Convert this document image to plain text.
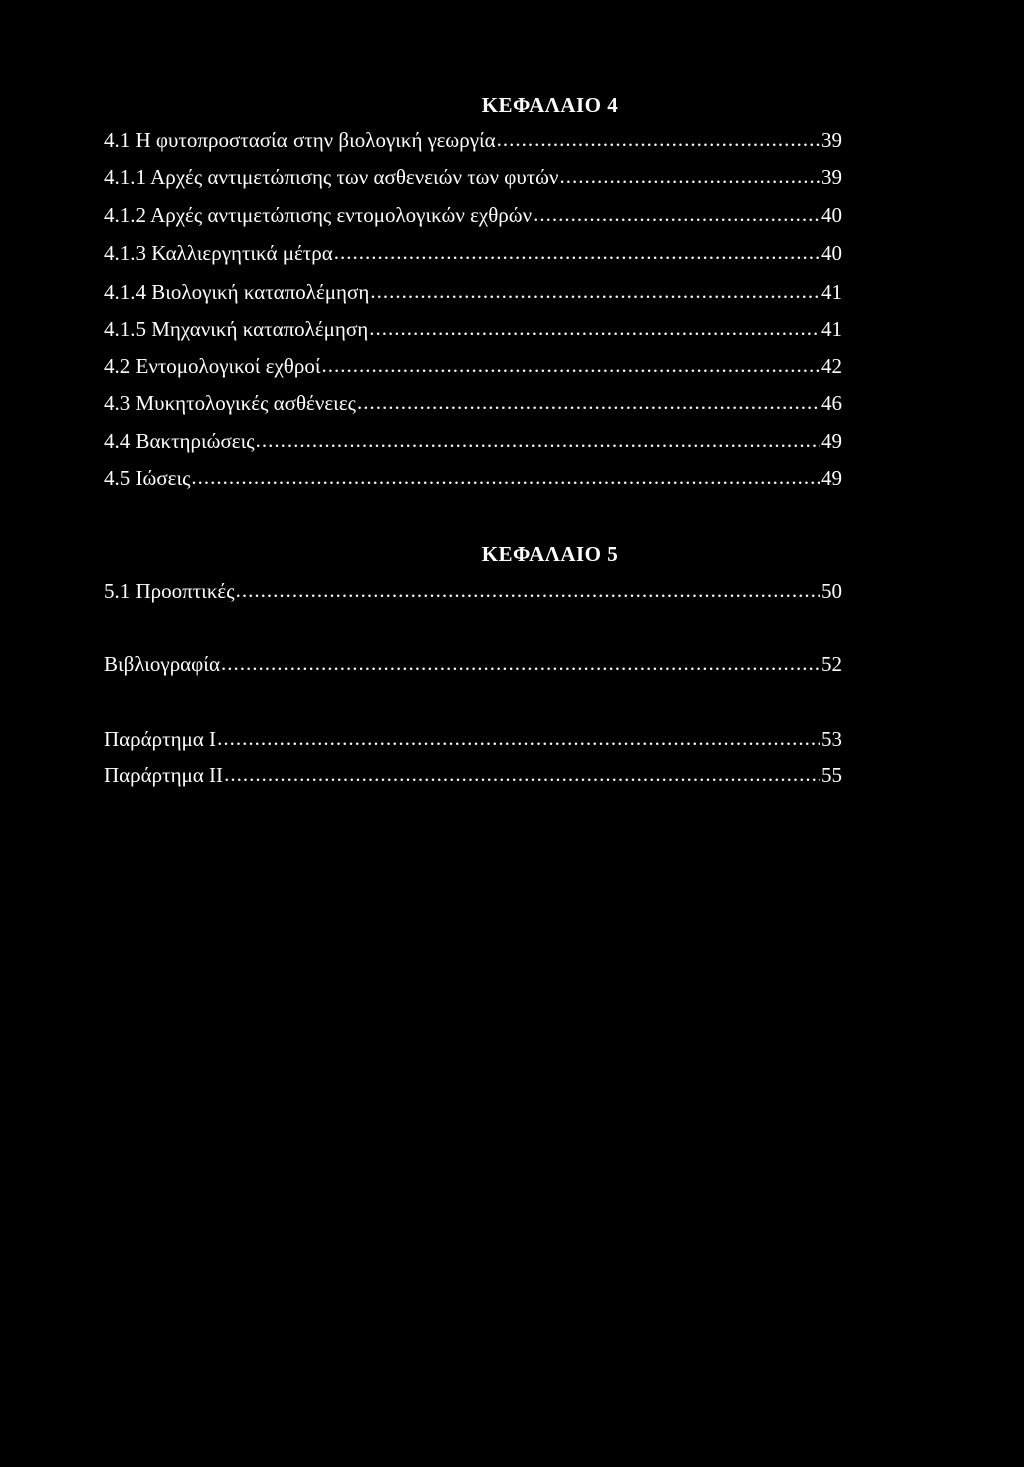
ΚΕΦΑΛΑΙΟ 4
4.1 Η φυτοπροστασία στην βιολογική γεωργία .....	39
4.1.1 Αρχές αντιμετώπισης των ασθενειών των φυτών .....	39
4.1.2 Αρχές αντιμετώπισης εντομολογικών εχθρών .....	40
4.1.3 Καλλιεργητικά μέτρα .....	40
4.1.4 Βιολογική καταπολέμηση .....	41
4.1.5 Μηχανική καταπολέμηση .....	41
4.2 Εντομολογικοί εχθροί .....	42
4.3 Μυκητολογικές ασθένειες .....	46
4.4 Βακτηριώσεις .....	49
4.5 Ιώσεις .....	49
ΚΕΦΑΛΑΙΟ 5
5.1 Προοπτικές .....	50
Βιβλιογραφία .....	52
Παράρτημα Ι .....	53
Παράρτημα ΙΙ .....	55
